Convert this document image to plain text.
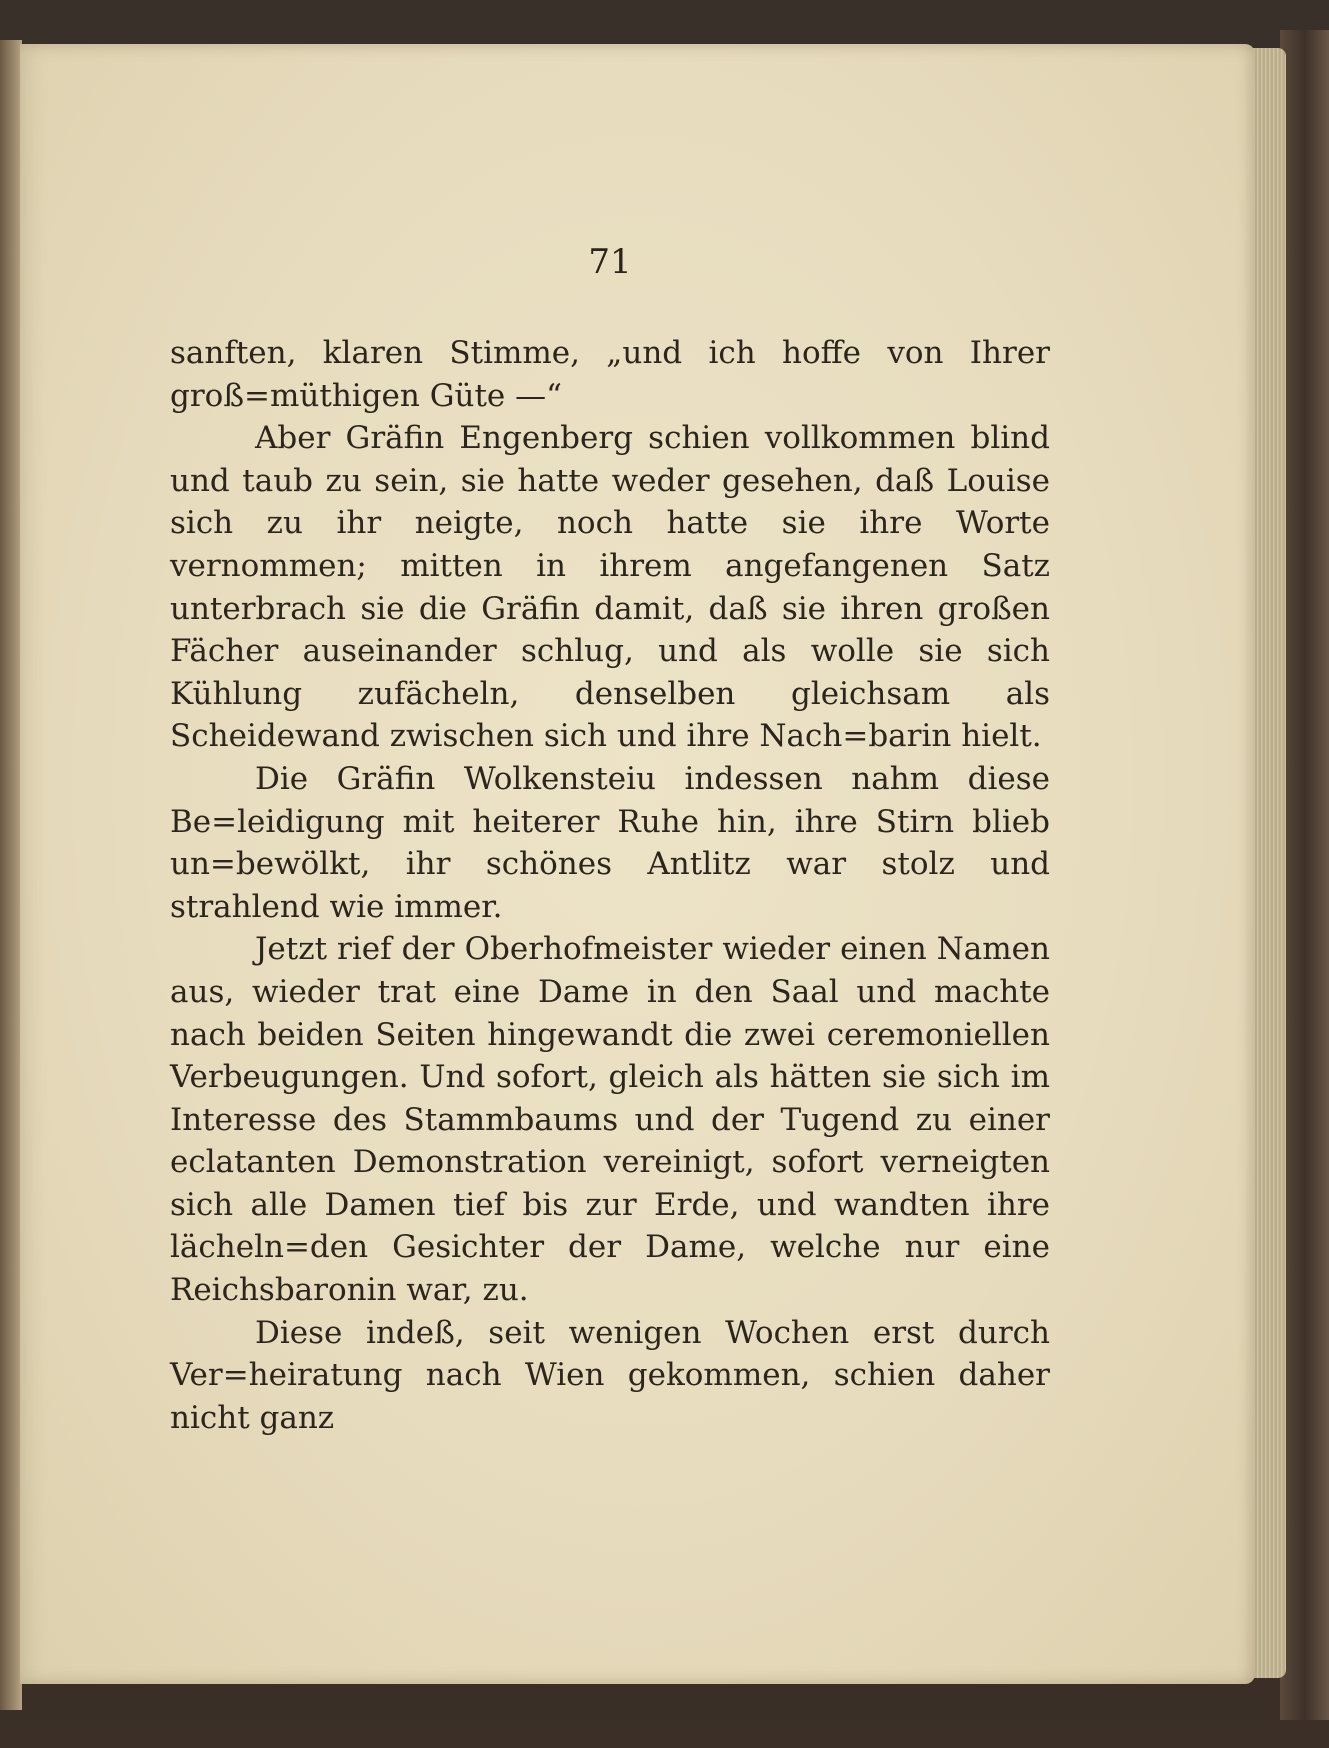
71

sanften, klaren Stimme, „und ich hoffe von Ihrer groß=müthigen Güte —“

Aber Gräfin Engenberg schien vollkommen blind und taub zu sein, sie hatte weder gesehen, daß Louise sich zu ihr neigte, noch hatte sie ihre Worte vernommen; mitten in ihrem angefangenen Satz unterbrach sie die Gräfin damit, daß sie ihren großen Fächer auseinander schlug, und als wolle sie sich Kühlung zufächeln, denselben gleichsam als Scheidewand zwischen sich und ihre Nach=barin hielt.

Die Gräfin Wolkensteiu indessen nahm diese Be=leidigung mit heiterer Ruhe hin, ihre Stirn blieb un=bewölkt, ihr schönes Antlitz war stolz und strahlend wie immer.

Jetzt rief der Oberhofmeister wieder einen Namen aus, wieder trat eine Dame in den Saal und machte nach beiden Seiten hingewandt die zwei ceremoniellen Verbeugungen. Und sofort, gleich als hätten sie sich im Interesse des Stammbaums und der Tugend zu einer eclatanten Demonstration vereinigt, sofort verneigten sich alle Damen tief bis zur Erde, und wandten ihre lächeln=den Gesichter der Dame, welche nur eine Reichsbaronin war, zu.

Diese indeß, seit wenigen Wochen erst durch Ver=heiratung nach Wien gekommen, schien daher nicht ganz
